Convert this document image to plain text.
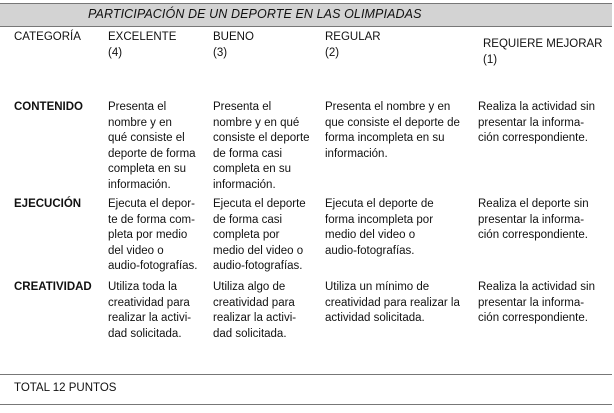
PARTICIPACIÓN DE UN DEPORTE EN LAS OLIMPIADAS
CATEGORÍA EXCELENTE
(4)
BUENO
(3)
REGULAR
(2)
REQUIERE MEJORAR
(1)
CONTENIDO Presenta el
nombre y en
qué consiste el
deporte de forma
completa en su
información.
Presenta el
nombre y en qué
consiste el deporte
de forma casi
completa en su
información.
Presenta el nombre y en
que consiste el deporte de
forma incompleta en su
información.
Realiza la actividad sin
presentar la informa-
ción correspondiente.
EJECUCIÓN Ejecuta el depor-
te de forma com-
pleta por medio
del video o
audio-fotografías.
Ejecuta el deporte
de forma casi
completa por
medio del video o
audio-fotografías.
Ejecuta el deporte de
forma incompleta por
medio del video o
audio-fotografías.
Realiza el deporte sin
presentar la informa-
ción correspondiente.
CREATIVIDAD Utiliza toda la
creatividad para
realizar la activi-
dad solicitada.
Utiliza algo de
creatividad para
realizar la activi-
dad solicitada.
Utiliza un mínimo de
creatividad para realizar la
actividad solicitada.
Realiza la actividad sin
presentar la informa-
ción correspondiente.
TOTAL 12 PUNTOS
